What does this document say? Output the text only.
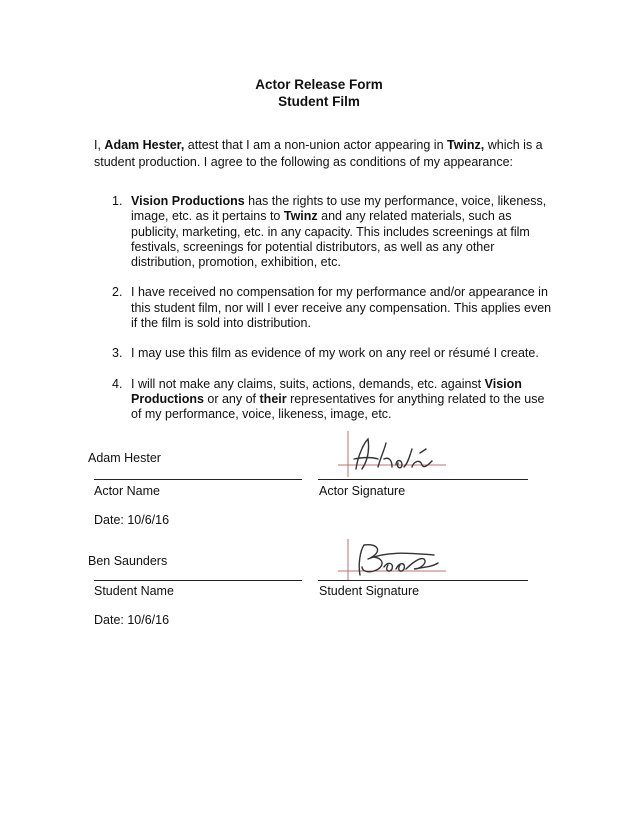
Actor Release Form
Student Film
I, Adam Hester, attest that I am a non-union actor appearing in Twinz, which is a student production. I agree to the following as conditions of my appearance:
1. Vision Productions has the rights to use my performance, voice, likeness, image, etc. as it pertains to Twinz and any related materials, such as publicity, marketing, etc. in any capacity. This includes screenings at film festivals, screenings for potential distributors, as well as any other distribution, promotion, exhibition, etc.
2. I have received no compensation for my performance and/or appearance in this student film, nor will I ever receive any compensation. This applies even if the film is sold into distribution.
3. I may use this film as evidence of my work on any reel or résumé I create.
4. I will not make any claims, suits, actions, demands, etc. against Vision Productions or any of their representatives for anything related to the use of my performance, voice, likeness, image, etc.
Adam Hester
Actor Name	Actor Signature
Date: 10/6/16
Ben Saunders
Student Name	Student Signature
Date: 10/6/16
